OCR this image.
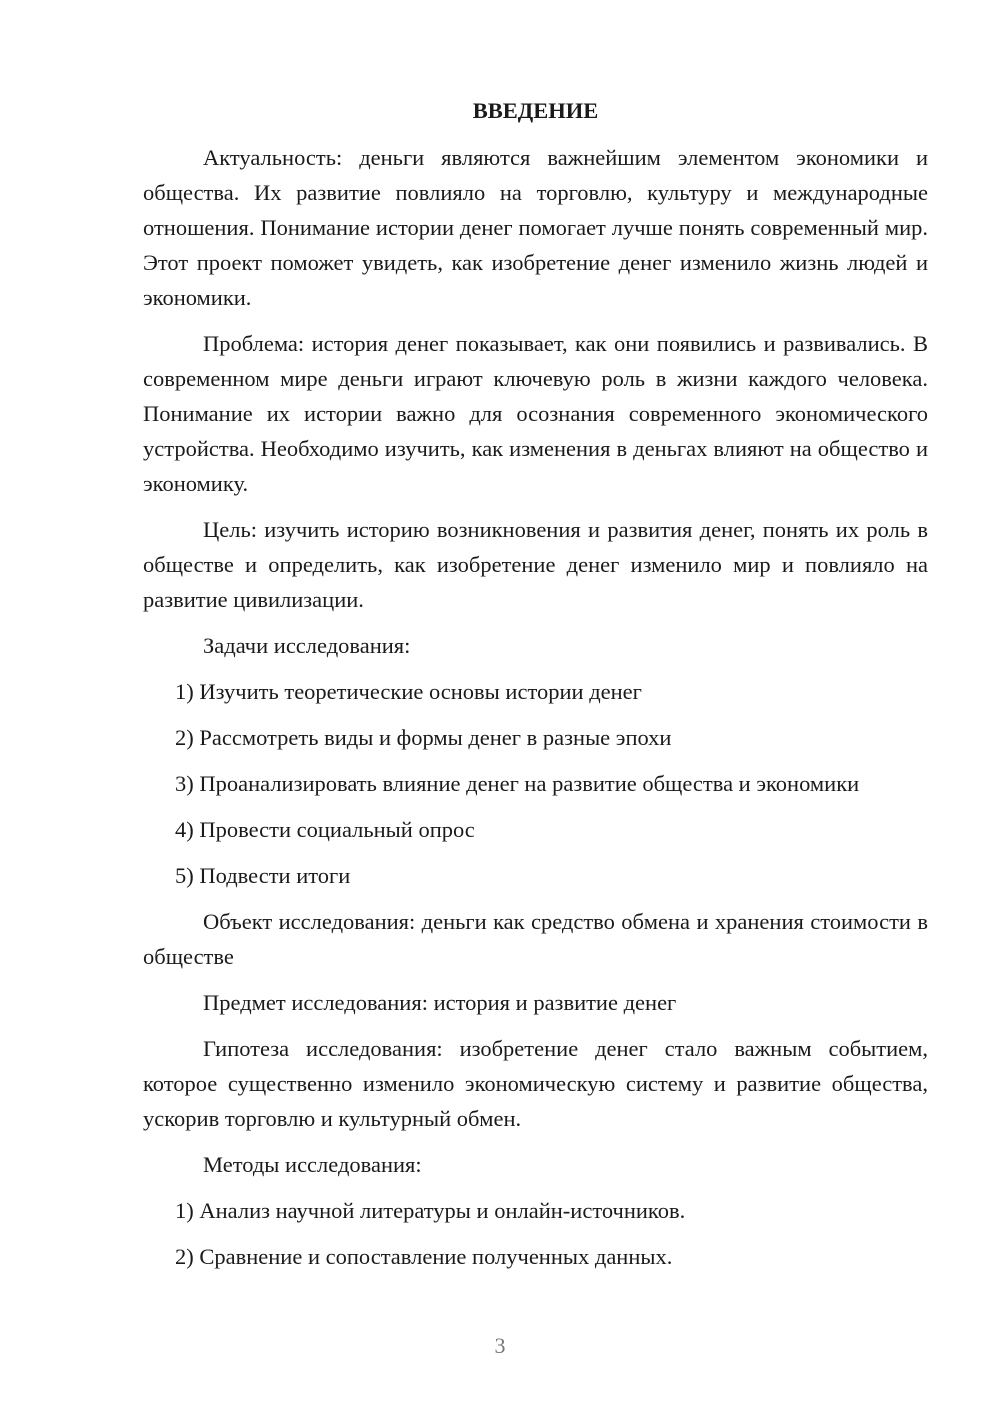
ВВЕДЕНИЕ

Актуальность: деньги являются важнейшим элементом экономики и общества. Их развитие повлияло на торговлю, культуру и международные отношения. Понимание истории денег помогает лучше понять современный мир. Этот проект поможет увидеть, как изобретение денег изменило жизнь людей и экономики.

Проблема: история денег показывает, как они появились и развивались. В современном мире деньги играют ключевую роль в жизни каждого человека. Понимание их истории важно для осознания современного экономического устройства. Необходимо изучить, как изменения в деньгах влияют на общество и экономику.

Цель: изучить историю возникновения и развития денег, понять их роль в обществе и определить, как изобретение денег изменило мир и повлияло на развитие цивилизации.

Задачи исследования:

1) Изучить теоретические основы истории денег

2) Рассмотреть виды и формы денег в разные эпохи

3) Проанализировать влияние денег на развитие общества и экономики

4) Провести социальный опрос

5) Подвести итоги

Объект исследования: деньги как средство обмена и хранения стоимости в обществе

Предмет исследования: история и развитие денег

Гипотеза исследования: изобретение денег стало важным событием, которое существенно изменило экономическую систему и развитие общества, ускорив торговлю и культурный обмен.

Методы исследования:

1) Анализ научной литературы и онлайн-источников.

2) Сравнение и сопоставление полученных данных.

3
